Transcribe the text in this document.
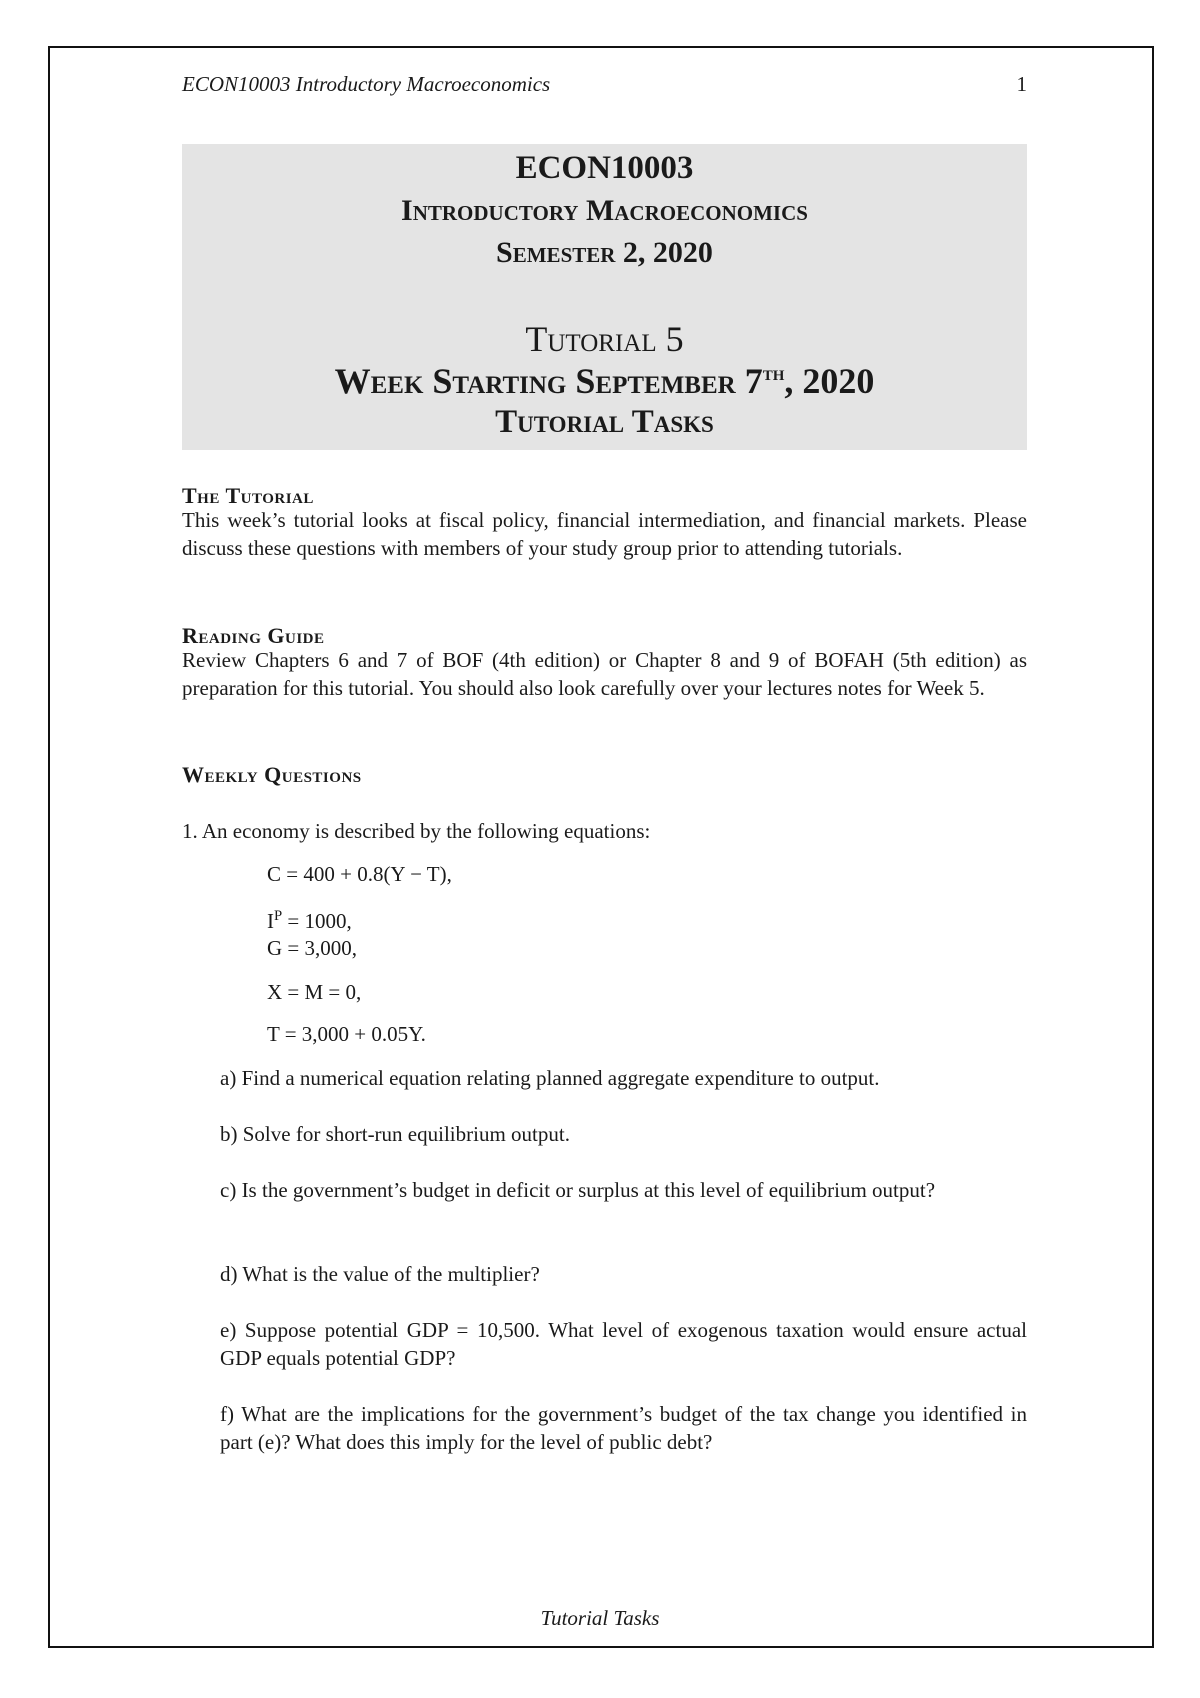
ECON10003 Introductory Macroeconomics	1
ECON10003
Introductory Macroeconomics
Semester 2, 2020
Tutorial 5
Week Starting September 7th, 2020
Tutorial Tasks
The Tutorial

This week’s tutorial looks at fiscal policy, financial intermediation, and financial markets. Please discuss these questions with members of your study group prior to attending tutorials.

Reading Guide

Review Chapters 6 and 7 of BOF (4th edition) or Chapter 8 and 9 of BOFAH (5th edition) as preparation for this tutorial. You should also look carefully over your lectures notes for Week 5.

Weekly Questions
1. An economy is described by the following equations:
C = 400 + 0.8(Y − T),
$I^P = 1000$,
G = 3,000,
X = M = 0,
T = 3,000 + 0.05Y.

a) Find a numerical equation relating planned aggregate expenditure to output.

b) Solve for short-run equilibrium output.

c) Is the government’s budget in deficit or surplus at this level of equilibrium output?

d) What is the value of the multiplier?

e) Suppose potential GDP = 10,500. What level of exogenous taxation would ensure actual GDP equals potential GDP?

f) What are the implications for the government’s budget of the tax change you identified in part (e)? What does this imply for the level of public debt?

Tutorial Tasks
